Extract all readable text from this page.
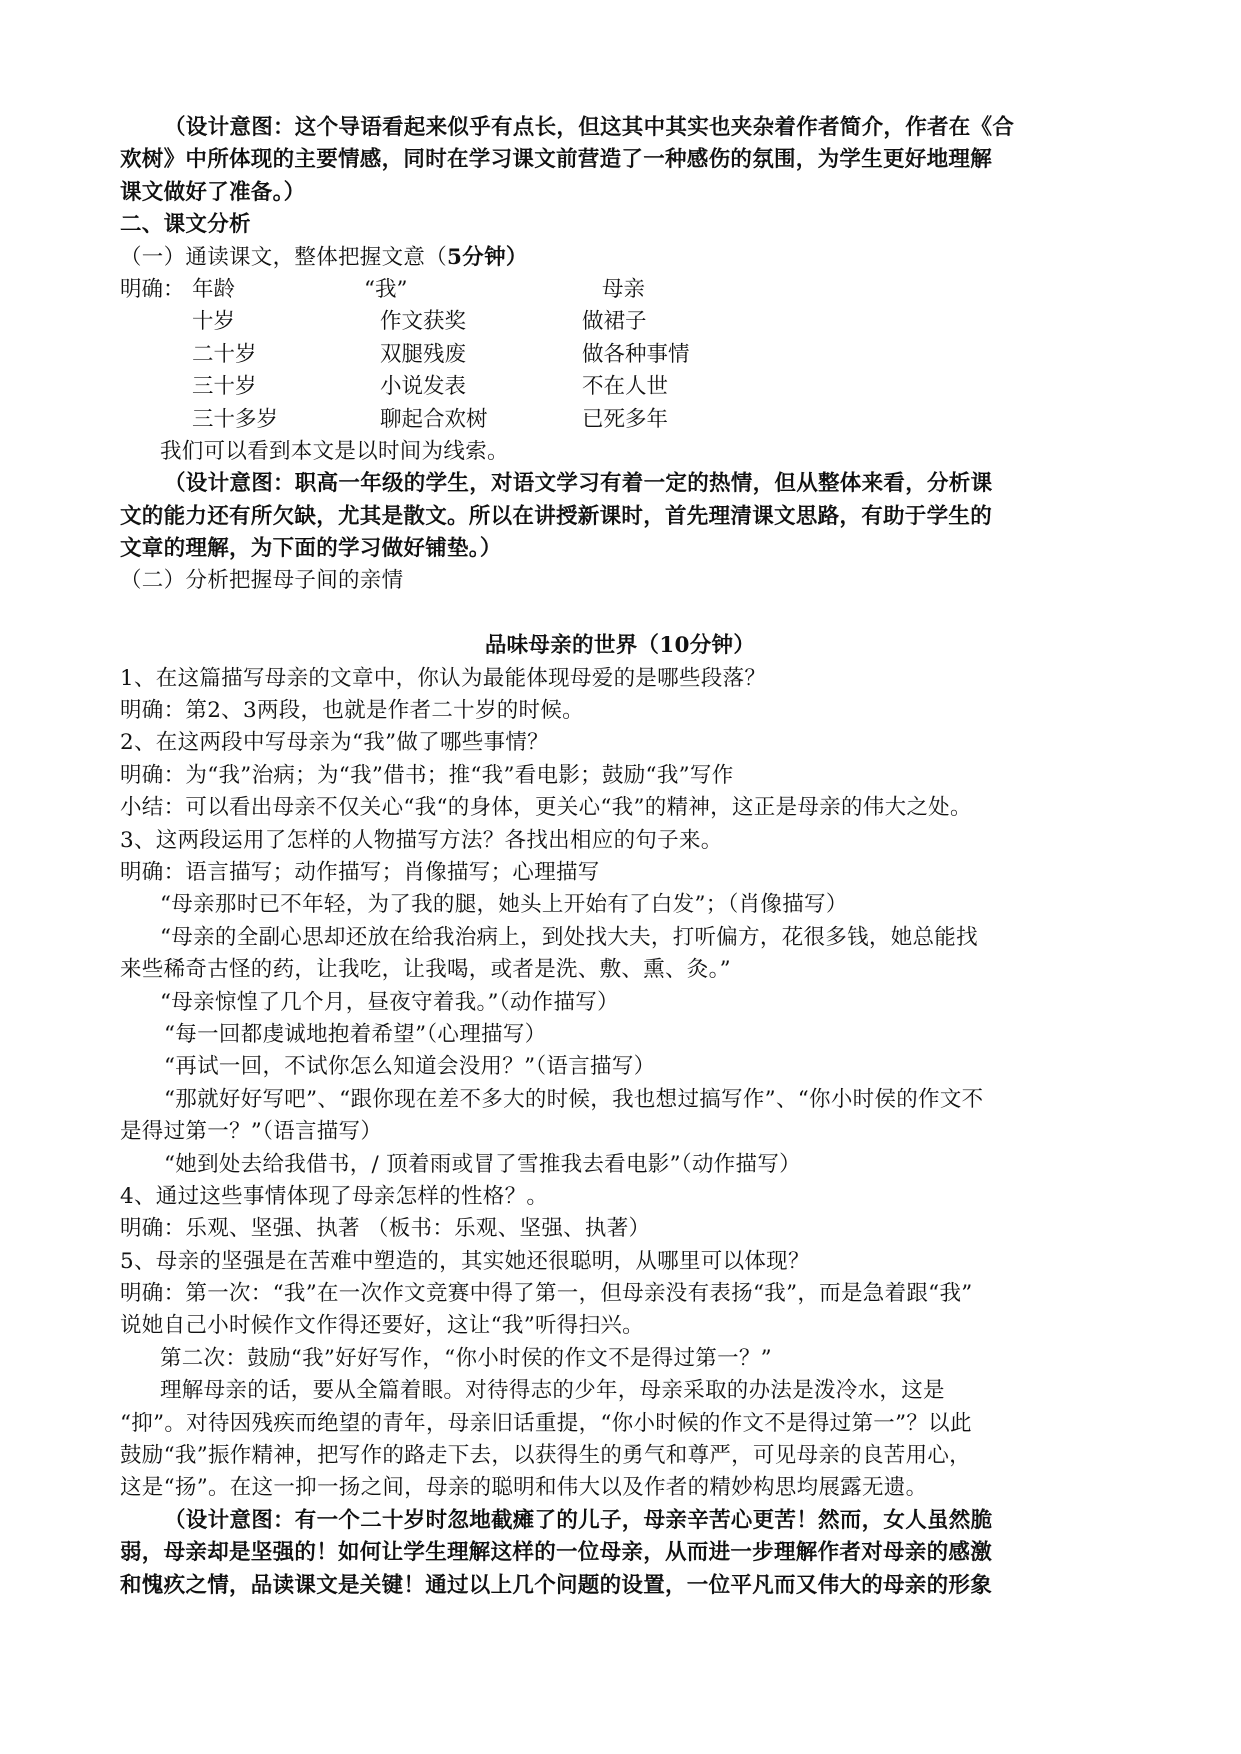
（设计意图：这个导语看起来似乎有点长，但这其中其实也夹杂着作者简介，作者在《合
欢树》中所体现的主要情感，同时在学习课文前营造了一种感伤的氛围，为学生更好地理解
课文做好了准备。）
二、课文分析
（一）通读课文，整体把握文意（5分钟）
明确： 年龄	“我”	母亲
十岁	作文获奖	做裙子
二十岁	双腿残废	做各种事情
三十岁	小说发表	不在人世
三十多岁	聊起合欢树	已死多年
我们可以看到本文是以时间为线索。
（设计意图：职高一年级的学生，对语文学习有着一定的热情，但从整体来看，分析课
文的能力还有所欠缺，尤其是散文。所以在讲授新课时，首先理清课文思路，有助于学生的
文章的理解，为下面的学习做好铺垫。）
（二）分析把握母子间的亲情
品味母亲的世界（10分钟）
1、在这篇描写母亲的文章中，你认为最能体现母爱的是哪些段落？
明确：第2、3两段，也就是作者二十岁的时候。
2、在这两段中写母亲为“我”做了哪些事情？
明确：为“我”治病；为“我”借书；推“我”看电影；鼓励“我”写作
小结：可以看出母亲不仅关心“我“的身体，更关心“我”的精神，这正是母亲的伟大之处。
3、这两段运用了怎样的人物描写方法？各找出相应的句子来。
明确：语言描写；动作描写；肖像描写；心理描写
“母亲那时已不年轻，为了我的腿，她头上开始有了白发”；（肖像描写）
“母亲的全副心思却还放在给我治病上，到处找大夫，打听偏方，花很多钱，她总能找
来些稀奇古怪的药，让我吃，让我喝，或者是洗、敷、熏、灸。”
“母亲惊惶了几个月，昼夜守着我。”（动作描写）
“每一回都虔诚地抱着希望”（心理描写）
“再试一回，不试你怎么知道会没用？”（语言描写）
“那就好好写吧”、“跟你现在差不多大的时候，我也想过搞写作”、“你小时侯的作文不
是得过第一？”（语言描写）
“她到处去给我借书，/ 顶着雨或冒了雪推我去看电影”（动作描写）
4、通过这些事情体现了母亲怎样的性格？。
明确：乐观、坚强、执著 （板书：乐观、坚强、执著）
5、母亲的坚强是在苦难中塑造的，其实她还很聪明，从哪里可以体现？
明确：第一次：“我”在一次作文竞赛中得了第一，但母亲没有表扬“我”，而是急着跟“我”
说她自己小时候作文作得还要好，这让“我”听得扫兴。
第二次：鼓励“我”好好写作，“你小时侯的作文不是得过第一？”
理解母亲的话，要从全篇着眼。对待得志的少年，母亲采取的办法是泼冷水，这是
“抑”。对待因残疾而绝望的青年，母亲旧话重提，“你小时候的作文不是得过第一”？以此
鼓励“我”振作精神，把写作的路走下去，以获得生的勇气和尊严，可见母亲的良苦用心，
这是“扬”。在这一抑一扬之间，母亲的聪明和伟大以及作者的精妙构思均展露无遗。
（设计意图：有一个二十岁时忽地截瘫了的儿子，母亲辛苦心更苦！然而，女人虽然脆
弱，母亲却是坚强的！如何让学生理解这样的一位母亲，从而进一步理解作者对母亲的感激
和愧疚之情，品读课文是关键！通过以上几个问题的设置，一位平凡而又伟大的母亲的形象
